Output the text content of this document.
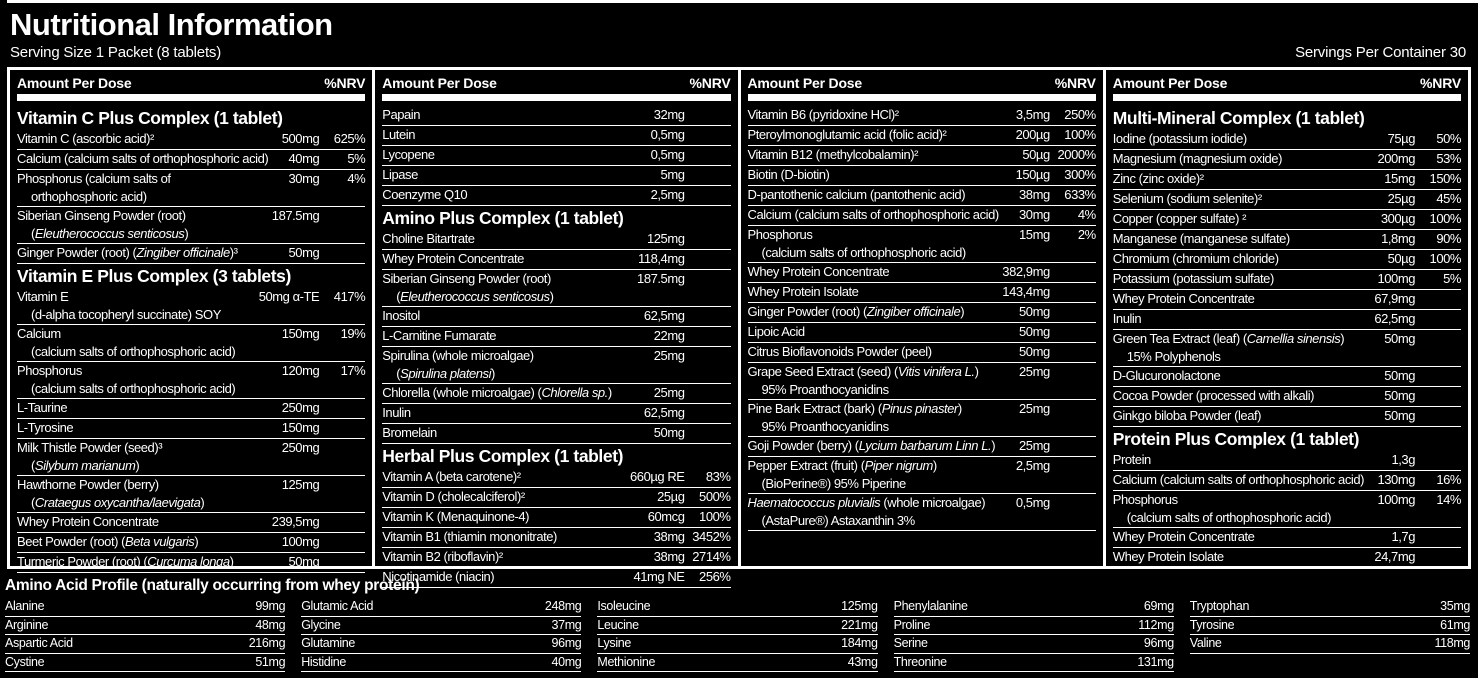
Nutritional Information
Serving Size 1 Packet (8 tablets)	Servings Per Container 30
Amount Per Dose	%NRV
Vitamin C Plus Complex (1 tablet)
Vitamin C (ascorbic acid)²	500mg	625%
Calcium (calcium salts of orthophosphoric acid)	40mg	5%
Phosphorus (calcium salts of	30mg	4%
orthophosphoric acid)
Siberian Ginseng Powder (root)	187.5mg
(Eleutherococcus senticosus)
Ginger Powder (root) (Zingiber officinale)³	50mg
Vitamin E Plus Complex (3 tablets)
Vitamin E	50mg α-TE	417%
(d-alpha tocopheryl succinate) SOY
Calcium	150mg	19%
(calcium salts of orthophosphoric acid)
Phosphorus	120mg	17%
(calcium salts of orthophosphoric acid)
L-Taurine	250mg
L-Tyrosine	150mg
Milk Thistle Powder (seed)³	250mg
(Silybum marianum)
Hawthorne Powder (berry)	125mg
(Crataegus oxycantha/laevigata)
Whey Protein Concentrate	239,5mg
Beet Powder (root) (Beta vulgaris)	100mg
Turmeric Powder (root) (Curcuma longa)	50mg
Amount Per Dose	%NRV
Papain	32mg
Lutein	0,5mg
Lycopene	0,5mg
Lipase	5mg
Coenzyme Q10	2,5mg
Amino Plus Complex (1 tablet)
Choline Bitartrate	125mg
Whey Protein Concentrate	118,4mg
Siberian Ginseng Powder (root)	187.5mg
(Eleutherococcus senticosus)
Inositol	62,5mg
L-Carnitine Fumarate	22mg
Spirulina (whole microalgae)	25mg
(Spirulina platensi)
Chlorella (whole microalgae) (Chlorella sp.)	25mg
Inulin	62,5mg
Bromelain	50mg
Herbal Plus Complex (1 tablet)
Vitamin A (beta carotene)²	660µg RE	83%
Vitamin D (cholecalciferol)²	25µg	500%
Vitamin K (Menaquinone-4)	60mcg	100%
Vitamin B1 (thiamin mononitrate)	38mg 3452%
Vitamin B2 (riboflavin)²	38mg 2714%
Nicotinamide (niacin)	41mg NE	256%
Amount Per Dose	%NRV
Vitamin B6 (pyridoxine HCl)²	3,5mg	250%
Pteroylmonoglutamic acid (folic acid)²	200µg	100%
Vitamin B12 (methylcobalamin)²	50µg 2000%
Biotin (D-biotin)	150µg	300%
D-pantothenic calcium (pantothenic acid)	38mg	633%
Calcium (calcium salts of orthophosphoric acid)	30mg	4%
Phosphorus	15mg	2%
(calcium salts of orthophosphoric acid)
Whey Protein Concentrate	382,9mg
Whey Protein Isolate	143,4mg
Ginger Powder (root) (Zingiber officinale)	50mg
Lipoic Acid	50mg
Citrus Bioflavonoids Powder (peel)	50mg
Grape Seed Extract (seed) (Vitis vinifera L.)	25mg
95% Proanthocyanidins
Pine Bark Extract (bark) (Pinus pinaster)	25mg
95% Proanthocyanidins
Goji Powder (berry) (Lycium barbarum Linn L.)	25mg
Pepper Extract (fruit) (Piper nigrum)	2,5mg
(BioPerine®) 95% Piperine
Haematococcus pluvialis (whole microalgae)	0,5mg
(AstaPure®) Astaxanthin 3%
Amount Per Dose	%NRV
Multi-Mineral Complex (1 tablet)
Iodine (potassium iodide)	75µg	50%
Magnesium (magnesium oxide)	200mg	53%
Zinc (zinc oxide)²	15mg	150%
Selenium (sodium selenite)²	25µg	45%
Copper (copper sulfate) ²	300µg	100%
Manganese (manganese sulfate)	1,8mg	90%
Chromium (chromium chloride)	50µg	100%
Potassium (potassium sulfate)	100mg	5%
Whey Protein Concentrate	67,9mg
Inulin	62,5mg
Green Tea Extract (leaf) (Camellia sinensis)	50mg
15% Polyphenols
D-Glucuronolactone	50mg
Cocoa Powder (processed with alkali)	50mg
Ginkgo biloba Powder (leaf)	50mg
Protein Plus Complex (1 tablet)
Protein	1,3g
Calcium (calcium salts of orthophosphoric acid)	130mg	16%
Phosphorus	100mg	14%
(calcium salts of orthophosphoric acid)
Whey Protein Concentrate	1,7g
Whey Protein Isolate	24,7mg
Amino Acid Profile (naturally occurring from whey protein)
Alanine	99mg
Arginine	48mg
Aspartic Acid	216mg
Cystine	51mg
Glutamic Acid	248mg
Glycine	37mg
Glutamine	96mg
Histidine	40mg
Isoleucine	125mg
Leucine	221mg
Lysine	184mg
Methionine	43mg
Phenylalanine	69mg
Proline	112mg
Serine	96mg
Threonine	131mg
Tryptophan	35mg
Tyrosine	61mg
Valine	118mg
